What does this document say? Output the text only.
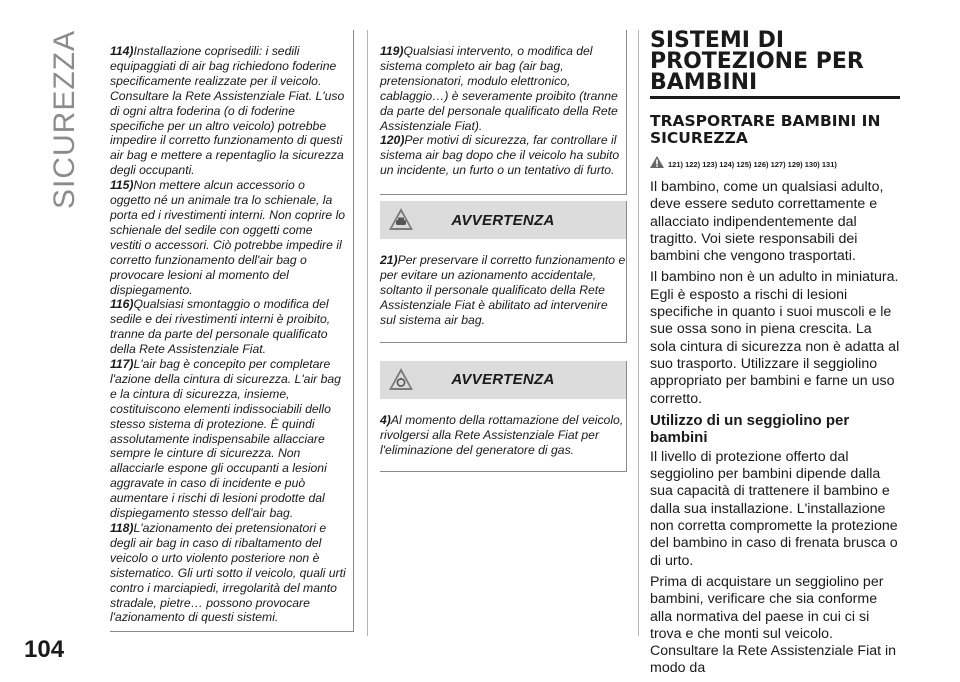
SICUREZZA
104

114)Installazione coprisedili: i sedili equipaggiati di air bag richiedono foderine specificamente realizzate per il veicolo. Consultare la Rete Assistenziale Fiat. L'uso di ogni altra foderina (o di foderine specifiche per un altro veicolo) potrebbe impedire il corretto funzionamento di questi air bag e mettere a repentaglio la sicurezza degli occupanti.

115)Non mettere alcun accessorio o oggetto né un animale tra lo schienale, la porta ed i rivestimenti interni. Non coprire lo schienale del sedile con oggetti come vestiti o accessori. Ciò potrebbe impedire il corretto funzionamento dell'air bag o provocare lesioni al momento del dispiegamento.

116)Qualsiasi smontaggio o modifica del sedile e dei rivestimenti interni è proibito, tranne da parte del personale qualificato della Rete Assistenziale Fiat.

117)L'air bag è concepito per completare l'azione della cintura di sicurezza. L'air bag e la cintura di sicurezza, insieme, costituiscono elementi indissociabili dello stesso sistema di protezione. È quindi assolutamente indispensabile allacciare sempre le cinture di sicurezza. Non allacciarle espone gli occupanti a lesioni aggravate in caso di incidente e può aumentare i rischi di lesioni prodotte dal dispiegamento stesso dell'air bag.

118)L'azionamento dei pretensionatori e degli air bag in caso di ribaltamento del veicolo o urto violento posteriore non è sistematico. Gli urti sotto il veicolo, quali urti contro i marciapiedi, irregolarità del manto stradale, pietre… possono provocare l'azionamento di questi sistemi.

119)Qualsiasi intervento, o modifica del sistema completo air bag (air bag, pretensionatori, modulo elettronico, cablaggio…) è severamente proibito (tranne da parte del personale qualificato della Rete Assistenziale Fiat).

120)Per motivi di sicurezza, far controllare il sistema air bag dopo che il veicolo ha subito un incidente, un furto o un tentativo di furto.

AVVERTENZA

21)Per preservare il corretto funzionamento e per evitare un azionamento accidentale, soltanto il personale qualificato della Rete Assistenziale Fiat è abilitato ad intervenire sul sistema air bag.

AVVERTENZA

4)Al momento della rottamazione del veicolo, rivolgersi alla Rete Assistenziale Fiat per l'eliminazione del generatore di gas.

SISTEMI DI PROTEZIONE PER BAMBINI
TRASPORTARE BAMBINI IN SICUREZZA
121) 122) 123) 124) 125) 126) 127) 129) 130) 131)

Il bambino, come un qualsiasi adulto, deve essere seduto correttamente e allacciato indipendentemente dal tragitto. Voi siete responsabili dei bambini che vengono trasportati.

Il bambino non è un adulto in miniatura. Egli è esposto a rischi di lesioni specifiche in quanto i suoi muscoli e le sue ossa sono in piena crescita. La sola cintura di sicurezza non è adatta al suo trasporto. Utilizzare il seggiolino appropriato per bambini e farne un uso corretto.

Utilizzo di un seggiolino per bambini

Il livello di protezione offerto dal seggiolino per bambini dipende dalla sua capacità di trattenere il bambino e dalla sua installazione. L'installazione non corretta compromette la protezione del bambino in caso di frenata brusca o di urto.

Prima di acquistare un seggiolino per bambini, verificare che sia conforme alla normativa del paese in cui ci si trova e che monti sul veicolo. Consultare la Rete Assistenziale Fiat in modo da
